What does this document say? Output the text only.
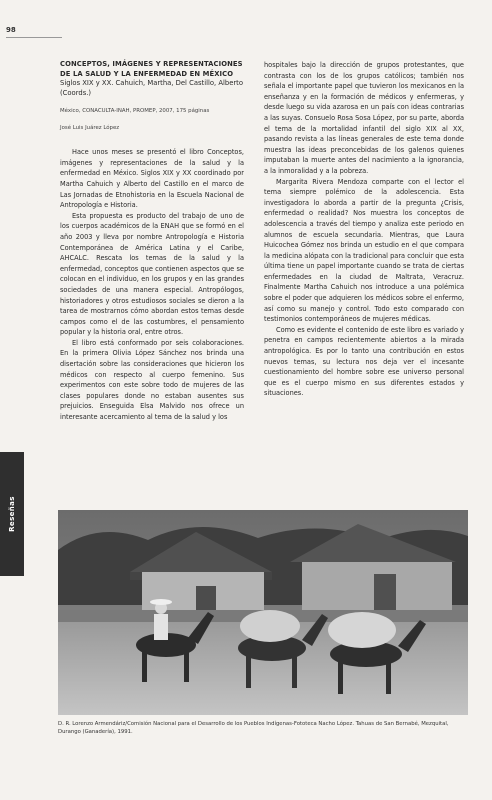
98

CONCEPTOS, IMÁGENES Y REPRESENTACIONES DE LA SALUD Y LA ENFERMEDAD EN MÉXICO

Siglos XIX y XX. Cahuich, Martha, Del Castillo, Alberto (Coords.)

México, CONACULTA-INAH, PROMEP, 2007, 175 páginas

José Luis Juárez López

Hace unos meses se presentó el libro Conceptos, imágenes y representaciones de la salud y la enfermedad en México. Siglos XIX y XX coordinado por Martha Cahuich y Alberto del Castillo en el marco de Las Jornadas de Etnohistoria en la Escuela Nacional de Antropología e Historia.

Esta propuesta es producto del trabajo de uno de los cuerpos académicos de la ENAH que se formó en el año 2003 y lleva por nombre Antropología e Historia Contemporánea de América Latina y el Caribe, AHCALC. Rescata los temas de la salud y la enfermedad, conceptos que contienen aspectos que se colocan en el individuo, en los grupos y en las grandes sociedades de una manera especial. Antropólogos, historiadores y otros estudiosos sociales se dieron a la tarea de mostrarnos cómo abordan estos temas desde campos como el de las costumbres, el pensamiento popular y la historia oral, entre otros.

El libro está conformado por seis colaboraciones. En la primera Olivia López Sánchez nos brinda una disertación sobre las consideraciones que hicieron los médicos con respecto al cuerpo femenino. Sus experimentos con este sobre todo de mujeres de las clases populares donde no estaban ausentes sus prejuicios. Enseguida Elsa Malvido nos ofrece un interesante acercamiento al tema de la salud y los

hospitales bajo la dirección de grupos protestantes, que contrasta con los de los grupos católicos; también nos señala el importante papel que tuvieron los mexicanos en la enseñanza y en la formación de médicos y enfermeras, y desde luego su vida azarosa en un país con ideas contrarias a las suyas. Consuelo Rosa Sosa López, por su parte, aborda el tema de la mortalidad infantil del siglo XIX al XX, pasando revista a las líneas generales de este tema donde muestra las ideas preconcebidas de los galenos quienes imputaban la muerte antes del nacimiento a la ignorancia, a la inmoralidad y a la pobreza.

Margarita Rivera Mendoza comparte con el lector el tema siempre polémico de la adolescencia. Esta investigadora lo aborda a partir de la pregunta ¿Crisis, enfermedad o realidad? Nos muestra los conceptos de adolescencia a través del tiempo y analiza este periodo en alumnos de escuela secundaria. Mientras, que Laura Huicochea Gómez nos brinda un estudio en el que compara la medicina alópata con la tradicional para concluir que esta última tiene un papel importante cuando se trata de ciertas enfermedades en la ciudad de Maltrata, Veracruz. Finalmente Martha Cahuich nos introduce a una polémica sobre el poder que adquieren los médicos sobre el enfermo, así como su manejo y control. Todo esto comparado con testimonios contemporáneos de mujeres médicas.

Como es evidente el contenido de este libro es variado y penetra en campos recientemente abiertos a la mirada antropológica. Es por lo tanto una contribución en estos nuevos temas, su lectura nos deja ver el incesante cuestionamiento del hombre sobre ese universo personal que es el cuerpo mismo en sus diferentes estados y situaciones.

Reseñas

D. R. Lorenzo Armendáriz/Comisión Nacional para el Desarrollo de los Pueblos Indígenas-Fototeca Nacho López. Tahuas de San Bernabé, Mezquital, Durango (Ganadería), 1991.
